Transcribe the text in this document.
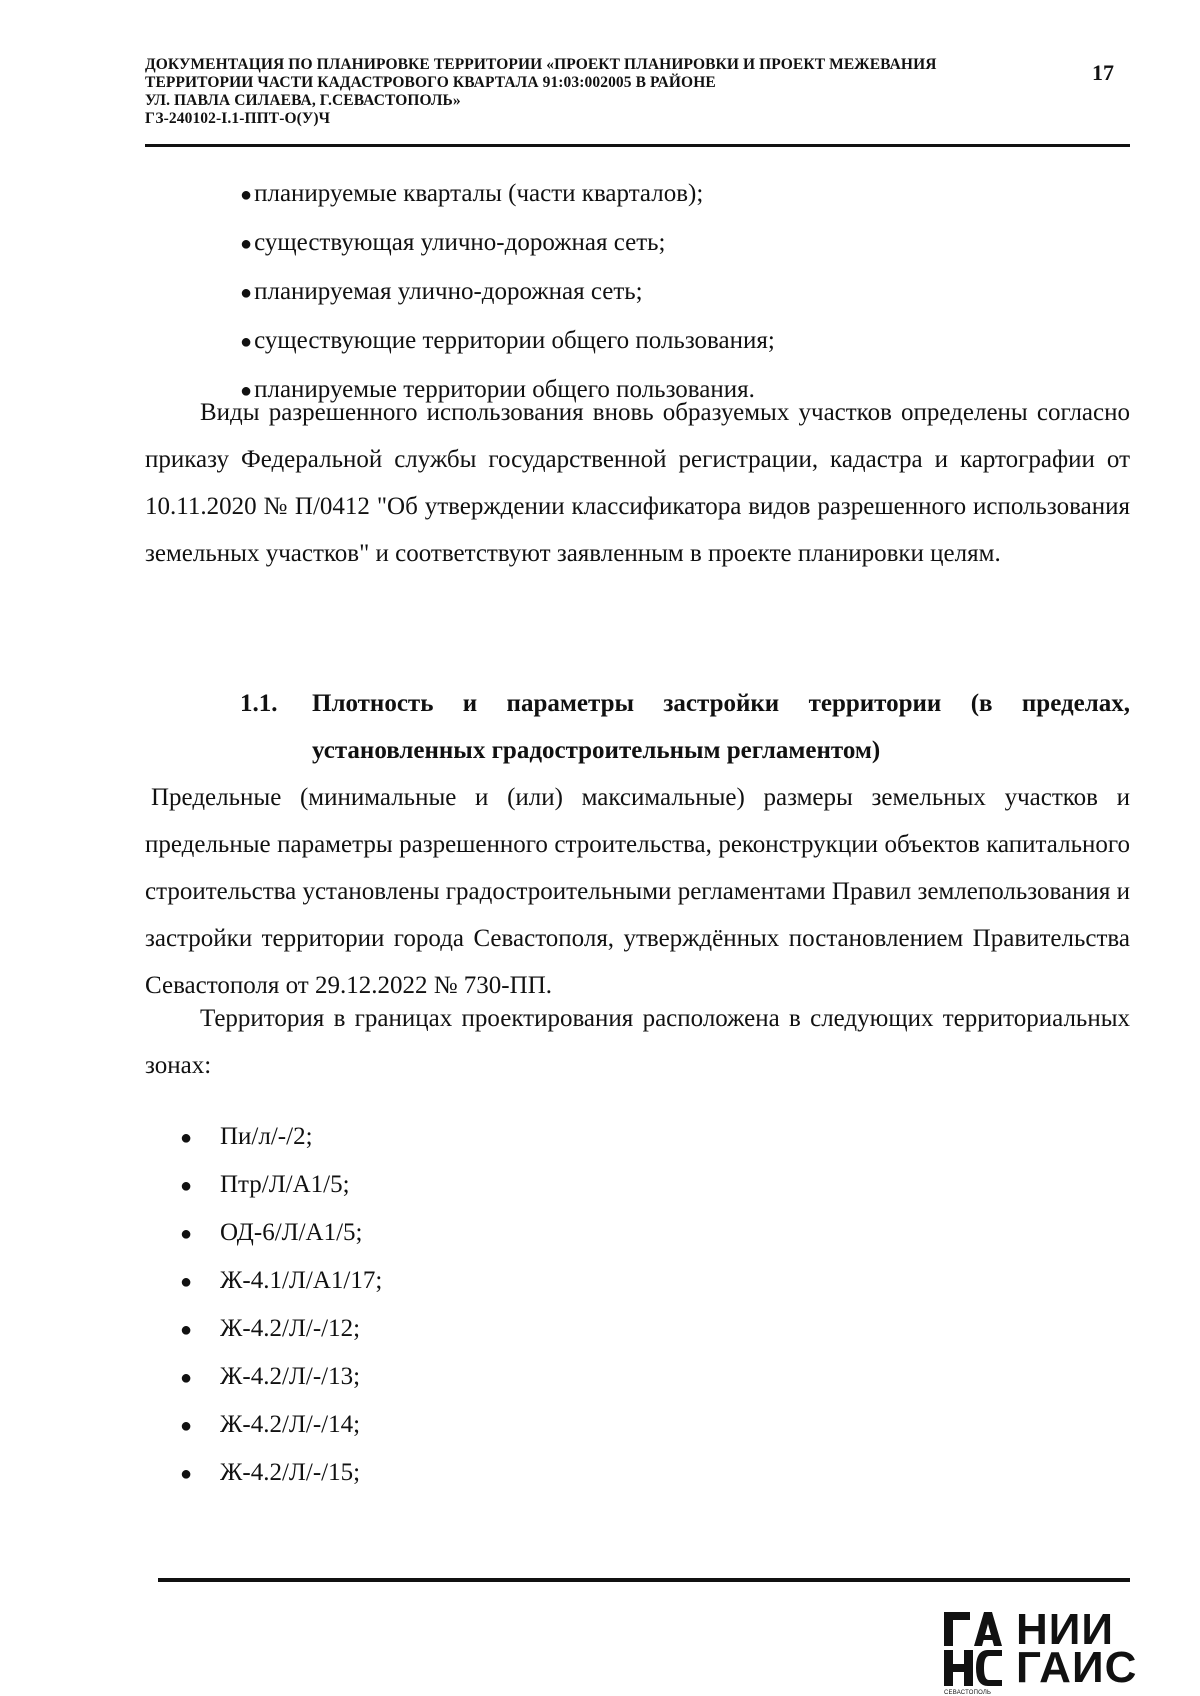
ДОКУМЕНТАЦИЯ ПО ПЛАНИРОВКЕ ТЕРРИТОРИИ «ПРОЕКТ ПЛАНИРОВКИ И ПРОЕКТ МЕЖЕВАНИЯ
ТЕРРИТОРИИ ЧАСТИ КАДАСТРОВОГО КВАРТАЛА 91:03:002005 В РАЙОНЕ
УЛ. ПАВЛА СИЛАЕВА, Г.СЕВАСТОПОЛЬ»
ГЗ-240102-I.1-ППТ-О(У)Ч
17
●планируемые кварталы (части кварталов);
●существующая улично-дорожная сеть;
●планируемая улично-дорожная сеть;
●существующие территории общего пользования;
●планируемые территории общего пользования.
Виды разрешенного использования вновь образуемых участков определены согласно приказу Федеральной службы государственной регистрации, кадастра и картографии от 10.11.2020 № П/0412 "Об утверждении классификатора видов разрешенного использования земельных участков" и соответствуют заявленным в проекте планировки целям.
1.1. Плотность и параметры застройки территории (в пределах, установленных градостроительным регламентом)
Предельные (минимальные и (или) максимальные) размеры земельных участков и предельные параметры разрешенного строительства, реконструкции объектов капитального строительства установлены градостроительными регламентами Правил землепользования и застройки территории города Севастополя, утверждённых постановлением Правительства Севастополя от 29.12.2022 № 730-ПП.
Территория в границах проектирования расположена в следующих территориальных зонах:
● Пи/л/-/2;
● Птр/Л/А1/5;
● ОД-6/Л/А1/5;
● Ж-4.1/Л/А1/17;
● Ж-4.2/Л/-/12;
● Ж-4.2/Л/-/13;
● Ж-4.2/Л/-/14;
● Ж-4.2/Л/-/15;
СЕВАСТОПОЛЬ
НИИ
ГАИС
